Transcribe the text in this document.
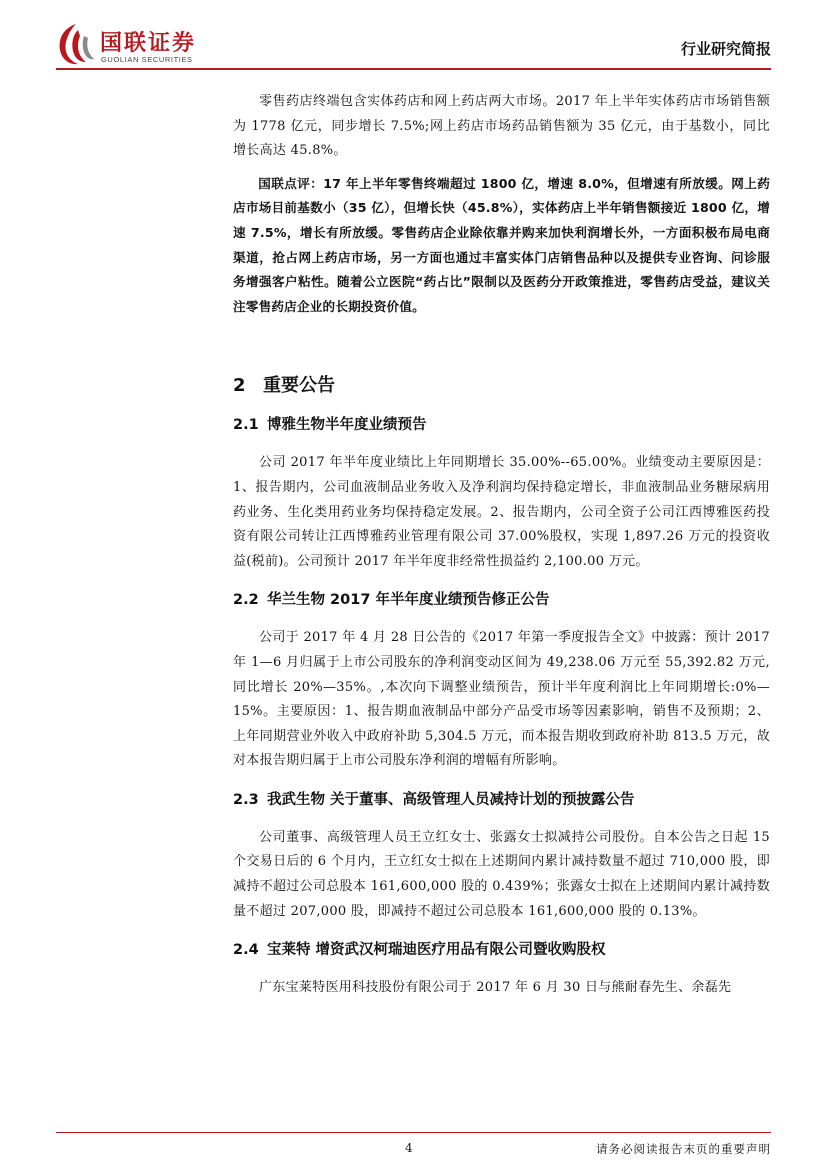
国联证券
GUOLIAN SECURITIES
行业研究简报

零售药店终端包含实体药店和网上药店两大市场。2017 年上半年实体药店市场销售额为 1778 亿元，同步增长 7.5%;网上药店市场药品销售额为 35 亿元，由于基数小，同比增长高达 45.8%。

国联点评：17 年上半年零售终端超过 1800 亿，增速 8.0%，但增速有所放缓。网上药店市场目前基数小（35 亿），但增长快（45.8%），实体药店上半年销售额接近 1800 亿，增速 7.5%，增长有所放缓。零售药店企业除依靠并购来加快利润增长外，一方面积极布局电商渠道，抢占网上药店市场，另一方面也通过丰富实体门店销售品种以及提供专业咨询、问诊服务增强客户粘性。随着公立医院“药占比”限制以及医药分开政策推进，零售药店受益，建议关注零售药店企业的长期投资价值。

2 重要公告
2.1 博雅生物半年度业绩预告

公司 2017 年半年度业绩比上年同期增长 35.00%--65.00%。业绩变动主要原因是：1、报告期内，公司血液制品业务收入及净利润均保持稳定增长，非血液制品业务糖尿病用药业务、生化类用药业务均保持稳定发展。2、报告期内，公司全资子公司江西博雅医药投资有限公司转让江西博雅药业管理有限公司 37.00%股权，实现 1,897.26 万元的投资收益(税前)。公司预计 2017 年半年度非经常性损益约 2,100.00 万元。

2.2 华兰生物 2017 年半年度业绩预告修正公告

公司于 2017 年 4 月 28 日公告的《2017 年第一季度报告全文》中披露：预计 2017 年 1—6 月归属于上市公司股东的净利润变动区间为 49,238.06 万元至 55,392.82 万元,同比增长 20%—35%。,本次向下调整业绩预告，预计半年度利润比上年同期增长:0%—15%。主要原因：1、报告期血液制品中部分产品受市场等因素影响，销售不及预期；2、上年同期营业外收入中政府补助 5,304.5 万元，而本报告期收到政府补助 813.5 万元，故对本报告期归属于上市公司股东净利润的增幅有所影响。

2.3 我武生物 关于董事、高级管理人员减持计划的预披露公告

公司董事、高级管理人员王立红女士、张露女士拟减持公司股份。自本公告之日起 15 个交易日后的 6 个月内，王立红女士拟在上述期间内累计减持数量不超过 710,000 股，即减持不超过公司总股本 161,600,000 股的 0.439%；张露女士拟在上述期间内累计减持数量不超过 207,000 股，即减持不超过公司总股本 161,600,000 股的 0.13%。

2.4 宝莱特 增资武汉柯瑞迪医疗用品有限公司暨收购股权

广东宝莱特医用科技股份有限公司于 2017 年 6 月 30 日与熊耐春先生、余磊先

4	请务必阅读报告末页的重要声明
